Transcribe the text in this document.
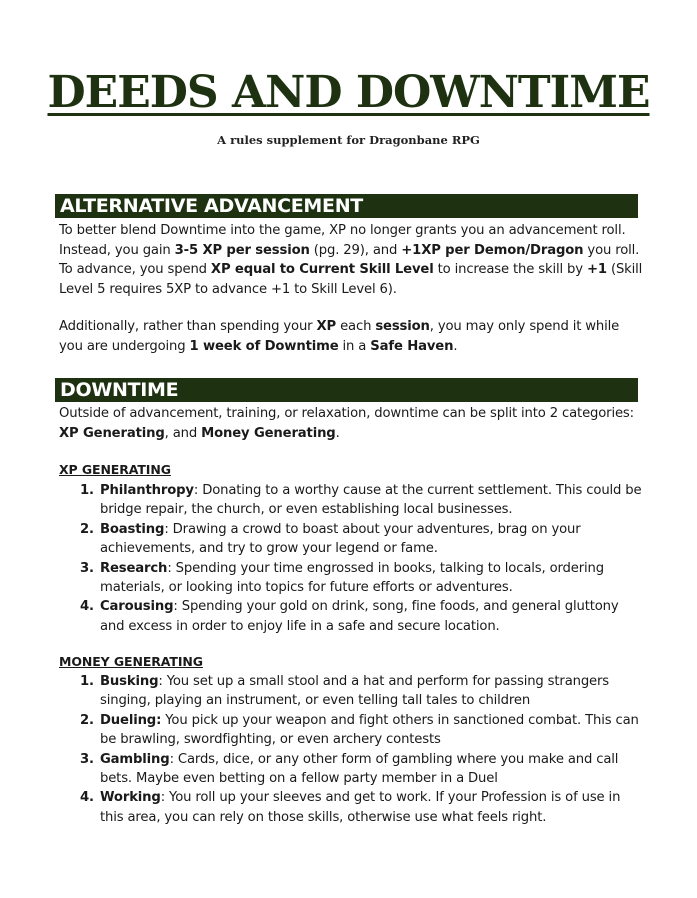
DEEDS AND DOWNTIME
A rules supplement for Dragonbane RPG
ALTERNATIVE ADVANCEMENT

To better blend Downtime into the game, XP no longer grants you an advancement roll. Instead, you gain 3-5 XP per session (pg. 29), and +1XP per Demon/Dragon you roll. To advance, you spend XP equal to Current Skill Level to increase the skill by +1 (Skill Level 5 requires 5XP to advance +1 to Skill Level 6).

Additionally, rather than spending your XP each session, you may only spend it while you are undergoing 1 week of Downtime in a Safe Haven.

DOWNTIME

Outside of advancement, training, or relaxation, downtime can be split into 2 categories: XP Generating, and Money Generating.

XP GENERATING
1. Philanthropy: Donating to a worthy cause at the current settlement. This could be bridge repair, the church, or even establishing local businesses.
2. Boasting: Drawing a crowd to boast about your adventures, brag on your achievements, and try to grow your legend or fame.
3. Research: Spending your time engrossed in books, talking to locals, ordering materials, or looking into topics for future efforts or adventures.
4. Carousing: Spending your gold on drink, song, fine foods, and general gluttony and excess in order to enjoy life in a safe and secure location.
MONEY GENERATING
1. Busking: You set up a small stool and a hat and perform for passing strangers singing, playing an instrument, or even telling tall tales to children
2. Dueling: You pick up your weapon and fight others in sanctioned combat. This can be brawling, swordfighting, or even archery contests
3. Gambling: Cards, dice, or any other form of gambling where you make and call bets. Maybe even betting on a fellow party member in a Duel
4. Working: You roll up your sleeves and get to work. If your Profession is of use in this area, you can rely on those skills, otherwise use what feels right.
